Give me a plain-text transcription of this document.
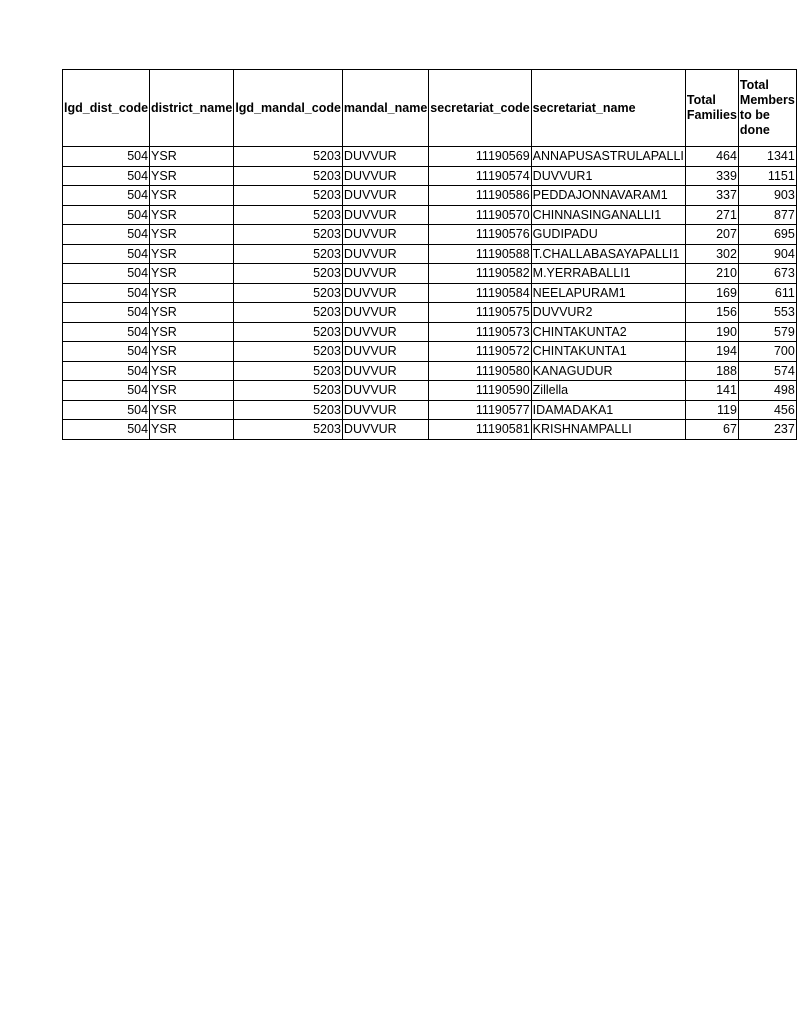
lgd_dist_code	district_name	lgd_mandal_code	mandal_name	secretariat_code	secretariat_name	Total Families	Total Members to be done
504	YSR	5203	DUVVUR	11190569	ANNAPUSASTRULAPALLI	464	1341
504	YSR	5203	DUVVUR	11190574	DUVVUR1	339	1151
504	YSR	5203	DUVVUR	11190586	PEDDAJONNAVARAM1	337	903
504	YSR	5203	DUVVUR	11190570	CHINNASINGANALLI1	271	877
504	YSR	5203	DUVVUR	11190576	GUDIPADU	207	695
504	YSR	5203	DUVVUR	11190588	T.CHALLABASAYAPALLI1	302	904
504	YSR	5203	DUVVUR	11190582	M.YERRABALLI1	210	673
504	YSR	5203	DUVVUR	11190584	NEELAPURAM1	169	611
504	YSR	5203	DUVVUR	11190575	DUVVUR2	156	553
504	YSR	5203	DUVVUR	11190573	CHINTAKUNTA2	190	579
504	YSR	5203	DUVVUR	11190572	CHINTAKUNTA1	194	700
504	YSR	5203	DUVVUR	11190580	KANAGUDUR	188	574
504	YSR	5203	DUVVUR	11190590	Zillella	141	498
504	YSR	5203	DUVVUR	11190577	IDAMADAKA1	119	456
504	YSR	5203	DUVVUR	11190581	KRISHNAMPALLI	67	237
